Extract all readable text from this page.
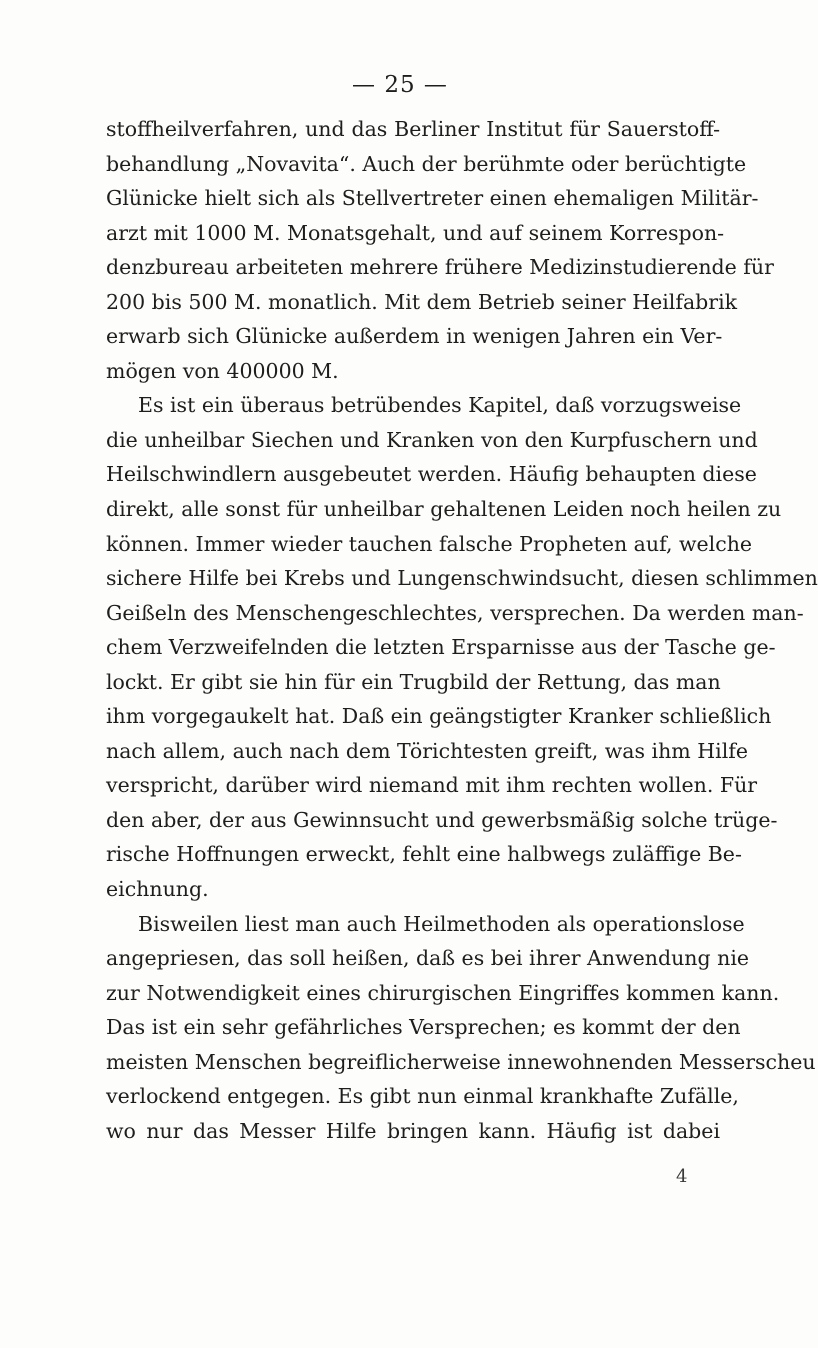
— 25 —
stoffheilverfahren, und das Berliner Institut für Sauerstoff-
behandlung „Novavita“. Auch der berühmte oder berüchtigte
Glünicke hielt sich als Stellvertreter einen ehemaligen Militär-
arzt mit 1000 M. Monatsgehalt, und auf seinem Korrespon-
denzbureau arbeiteten mehrere frühere Medizinstudierende für
200 bis 500 M. monatlich. Mit dem Betrieb seiner Heilfabrik
erwarb sich Glünicke außerdem in wenigen Jahren ein Ver-
mögen von 400000 M.
Es ist ein überaus betrübendes Kapitel, daß vorzugsweise
die unheilbar Siechen und Kranken von den Kurpfuschern und
Heilschwindlern ausgebeutet werden. Häufig behaupten diese
direkt, alle sonst für unheilbar gehaltenen Leiden noch heilen zu
können. Immer wieder tauchen falsche Propheten auf, welche
sichere Hilfe bei Krebs und Lungenschwindsucht, diesen schlimmen
Geißeln des Menschengeschlechtes, versprechen. Da werden man-
chem Verzweifelnden die letzten Ersparnisse aus der Tasche ge-
lockt. Er gibt sie hin für ein Trugbild der Rettung, das man
ihm vorgegaukelt hat. Daß ein geängstigter Kranker schließlich
nach allem, auch nach dem Törichtesten greift, was ihm Hilfe
verspricht, darüber wird niemand mit ihm rechten wollen. Für
den aber, der aus Gewinnsucht und gewerbsmäßig solche trüge-
rische Hoffnungen erweckt, fehlt eine halbwegs zuläffige Be-
eichnung.
Bisweilen liest man auch Heilmethoden als operationslose
angepriesen, das soll heißen, daß es bei ihrer Anwendung nie
zur Notwendigkeit eines chirurgischen Eingriffes kommen kann.
Das ist ein sehr gefährliches Versprechen; es kommt der den
meisten Menschen begreiflicherweise innewohnenden Messerscheu
verlockend entgegen. Es gibt nun einmal krankhafte Zufälle,
wo nur das Messer Hilfe bringen kann. Häufig ist dabei
4
